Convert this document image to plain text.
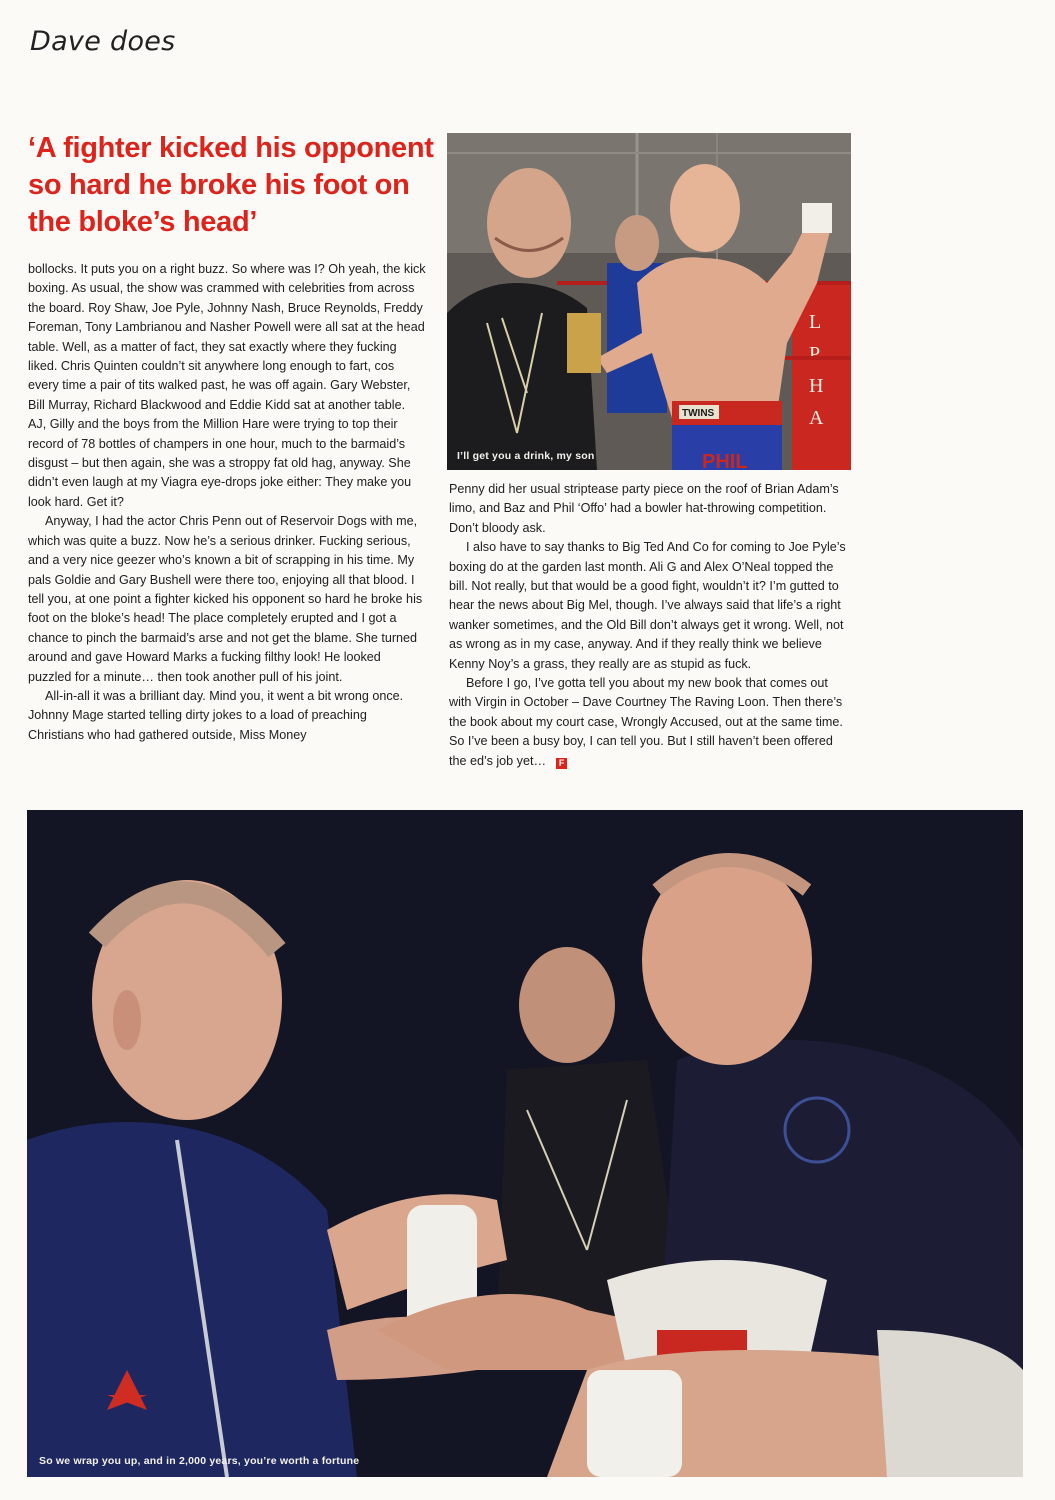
Dave does
‘A fighter kicked his opponent so hard he broke his foot on the bloke’s head’

bollocks. It puts you on a right buzz. So where was I? Oh yeah, the kick boxing. As usual, the show was crammed with celebrities from across the board. Roy Shaw, Joe Pyle, Johnny Nash, Bruce Reynolds, Freddy Foreman, Tony Lambrianou and Nasher Powell were all sat at the head table. Well, as a matter of fact, they sat exactly where they fucking liked. Chris Quinten couldn’t sit anywhere long enough to fart, cos every time a pair of tits walked past, he was off again. Gary Webster, Bill Murray, Richard Blackwood and Eddie Kidd sat at another table. AJ, Gilly and the boys from the Million Hare were trying to top their record of 78 bottles of champers in one hour, much to the barmaid’s disgust – but then again, she was a stroppy fat old hag, anyway. She didn’t even laugh at my Viagra eye-drops joke either: They make you look hard. Get it?

Anyway, I had the actor Chris Penn out of Reservoir Dogs with me, which was quite a buzz. Now he’s a serious drinker. Fucking serious, and a very nice geezer who’s known a bit of scrapping in his time. My pals Goldie and Gary Bushell were there too, enjoying all that blood. I tell you, at one point a fighter kicked his opponent so hard he broke his foot on the bloke’s head! The place completely erupted and I got a chance to pinch the barmaid’s arse and not get the blame. She turned around and gave Howard Marks a fucking filthy look! He looked puzzled for a minute… then took another pull of his joint.

All-in-all it was a brilliant day. Mind you, it went a bit wrong once. Johnny Mage started telling dirty jokes to a load of preaching Christians who had gathered outside, Miss Money

Penny did her usual striptease party piece on the roof of Brian Adam’s limo, and Baz and Phil ‘Offo’ had a bowler hat-throwing competition. Don’t bloody ask.

I also have to say thanks to Big Ted And Co for coming to Joe Pyle’s boxing do at the garden last month. Ali G and Alex O’Neal topped the bill. Not really, but that would be a good fight, wouldn’t it? I’m gutted to hear the news about Big Mel, though. I’ve always said that life’s a right wanker sometimes, and the Old Bill don’t always get it wrong. Well, not as wrong as in my case, anyway. And if they really think we believe Kenny Noy’s a grass, they really are as stupid as fuck.

Before I go, I’ve gotta tell you about my new book that comes out with Virgin in October – Dave Courtney The Raving Loon. Then there’s the book about my court case, Wrongly Accused, out at the same time. So I’ve been a busy boy, I can tell you. But I still haven’t been offered the ed’s job yet… F

L
P
H
A
TWINS
PHIL

I’ll get you a drink, my son

So we wrap you up, and in 2,000 years, you’re worth a fortune
